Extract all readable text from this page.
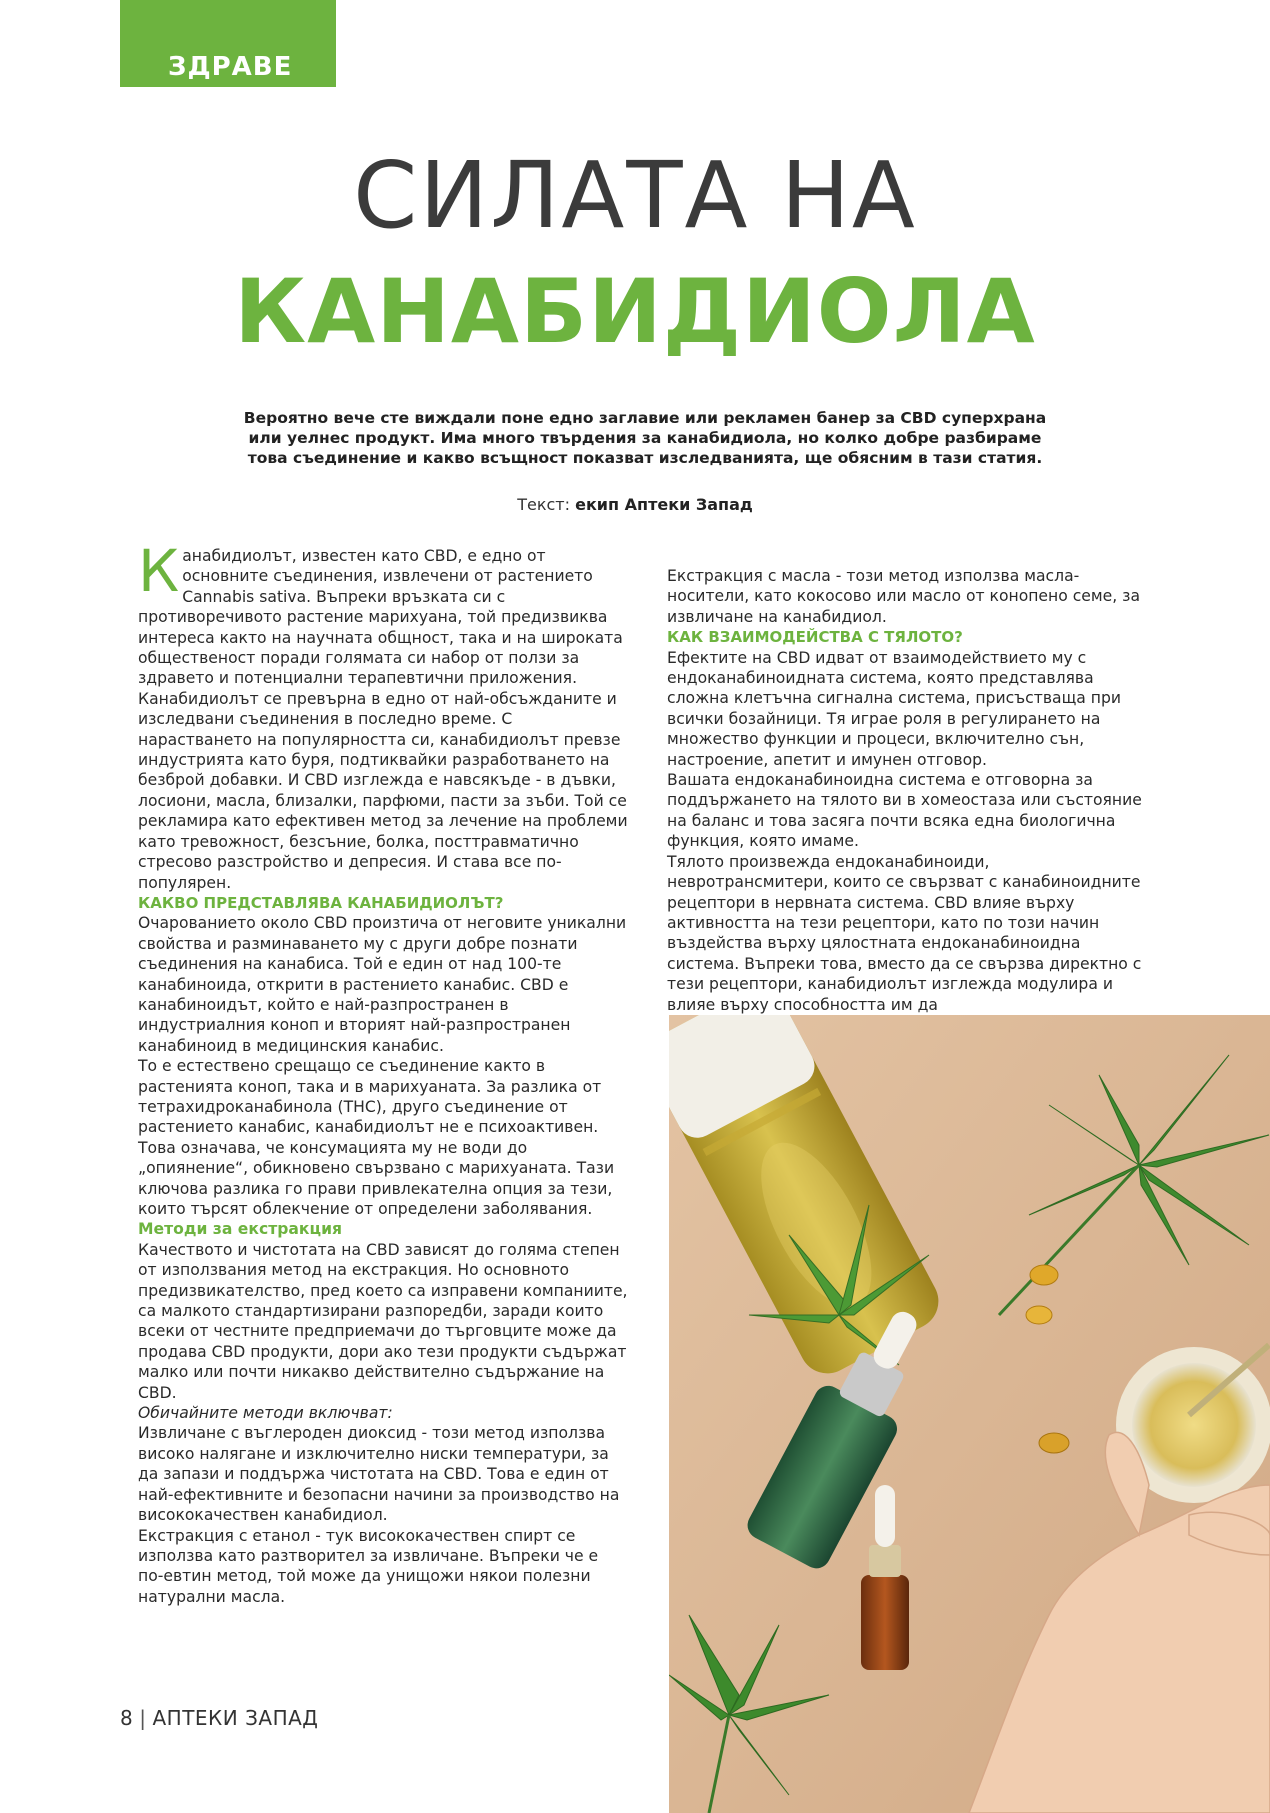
ЗДРАВЕ
СИЛАТА НА
КАНАБИДИОЛА
Вероятно вече сте виждали поне едно заглавие или рекламен банер за CBD суперхрана или уелнес продукт. Има много твърдения за канабидиола, но колко добре разбираме това съединение и какво всъщност показват изследванията, ще обясним в тази статия.
Текст: екип Аптеки Запад

Канабидиолът, известен като CBD, е едно от основните съединения, извлечени от растението Cannabis sativa. Въпреки връзката си с противоречивото растение марихуана, той предизвиква интереса както на научната общност, така и на широката общественост поради голямата си набор от ползи за здравето и потенциални терапевтични приложения.

Канабидиолът се превърна в едно от най-обсъжданите и изследвани съединения в последно време. С нарастването на популярността си, канабидиолът превзе индустрията като буря, подтиквайки разработването на безброй добавки. И CBD изглежда е навсякъде - в дъвки, лосиони, масла, близалки, парфюми, пасти за зъби. Той се рекламира като ефективен метод за лечение на проблеми като тревожност, безсъние, болка, посттравматично стресово разстройство и депресия. И става все по-популярен.

КАКВО ПРЕДСТАВЛЯВА КАНАБИДИОЛЪТ?

Очарованието около CBD произтича от неговите уникални свойства и разминаването му с други добре познати съединения на канабиса. Той е един от над 100-те канабиноида, открити в растението канабис. CBD е канабиноидът, който е най-разпространен в индустриалния коноп и вторият най-разпространен канабиноид в медицинския канабис.

То е естествено срещащо се съединение както в растенията коноп, така и в марихуаната. За разлика от тетрахидроканабинола (THC), друго съединение от растението канабис, канабидиолът не е психоактивен. Това означава, че консумацията му не води до „опиянение“, обикновено свързвано с марихуаната. Тази ключова разлика го прави привлекателна опция за тези, които търсят облекчение от определени заболявания.

Методи за екстракция

Качеството и чистотата на CBD зависят до голяма степен от използвания метод на екстракция. Но основното предизвикателство, пред което са изправени компаниите, са малкото стандартизирани разпоредби, заради които всеки от честните предприемачи до търговците може да продава CBD продукти, дори ако тези продукти съдържат малко или почти никакво действително съдържание на CBD.

Обичайните методи включват:

Извличане с въглероден диоксид - този метод използва високо налягане и изключително ниски температури, за да запази и поддържа чистотата на CBD. Това е един от най-ефективните и безопасни начини за производство на висококачествен канабидиол.

Екстракция с етанол - тук висококачествен спирт се използва като разтворител за извличане. Въпреки че е по-евтин метод, той може да унищожи някои полезни натурални масла.

Екстракция с масла - този метод използва масла-носители, като кокосово или масло от конопено семе, за извличане на канабидиол.

КАК ВЗАИМОДЕЙСТВА С ТЯЛОТО?

Ефектите на CBD идват от взаимодействието му с ендоканабиноидната система, която представлява сложна клетъчна сигнална система, присъстваща при всички бозайници. Тя играе роля в регулирането на множество функции и процеси, включително сън, настроение, апетит и имунен отговор.

Вашата ендоканабиноидна система е отговорна за поддържането на тялото ви в хомеостаза или състояние на баланс и това засяга почти всяка една биологична функция, която имаме.

Тялото произвежда ендоканабиноиди, невротрансмитери, които се свързват с канабиноидните рецептори в нервната система. CBD влияе върху активността на тези рецептори, като по този начин въздейства върху цялостната ендоканабиноидна система. Въпреки това, вместо да се свързва директно с тези рецептори, канабидиолът изглежда модулира и влияе върху способността им да

8 | АПТЕКИ ЗАПАД
